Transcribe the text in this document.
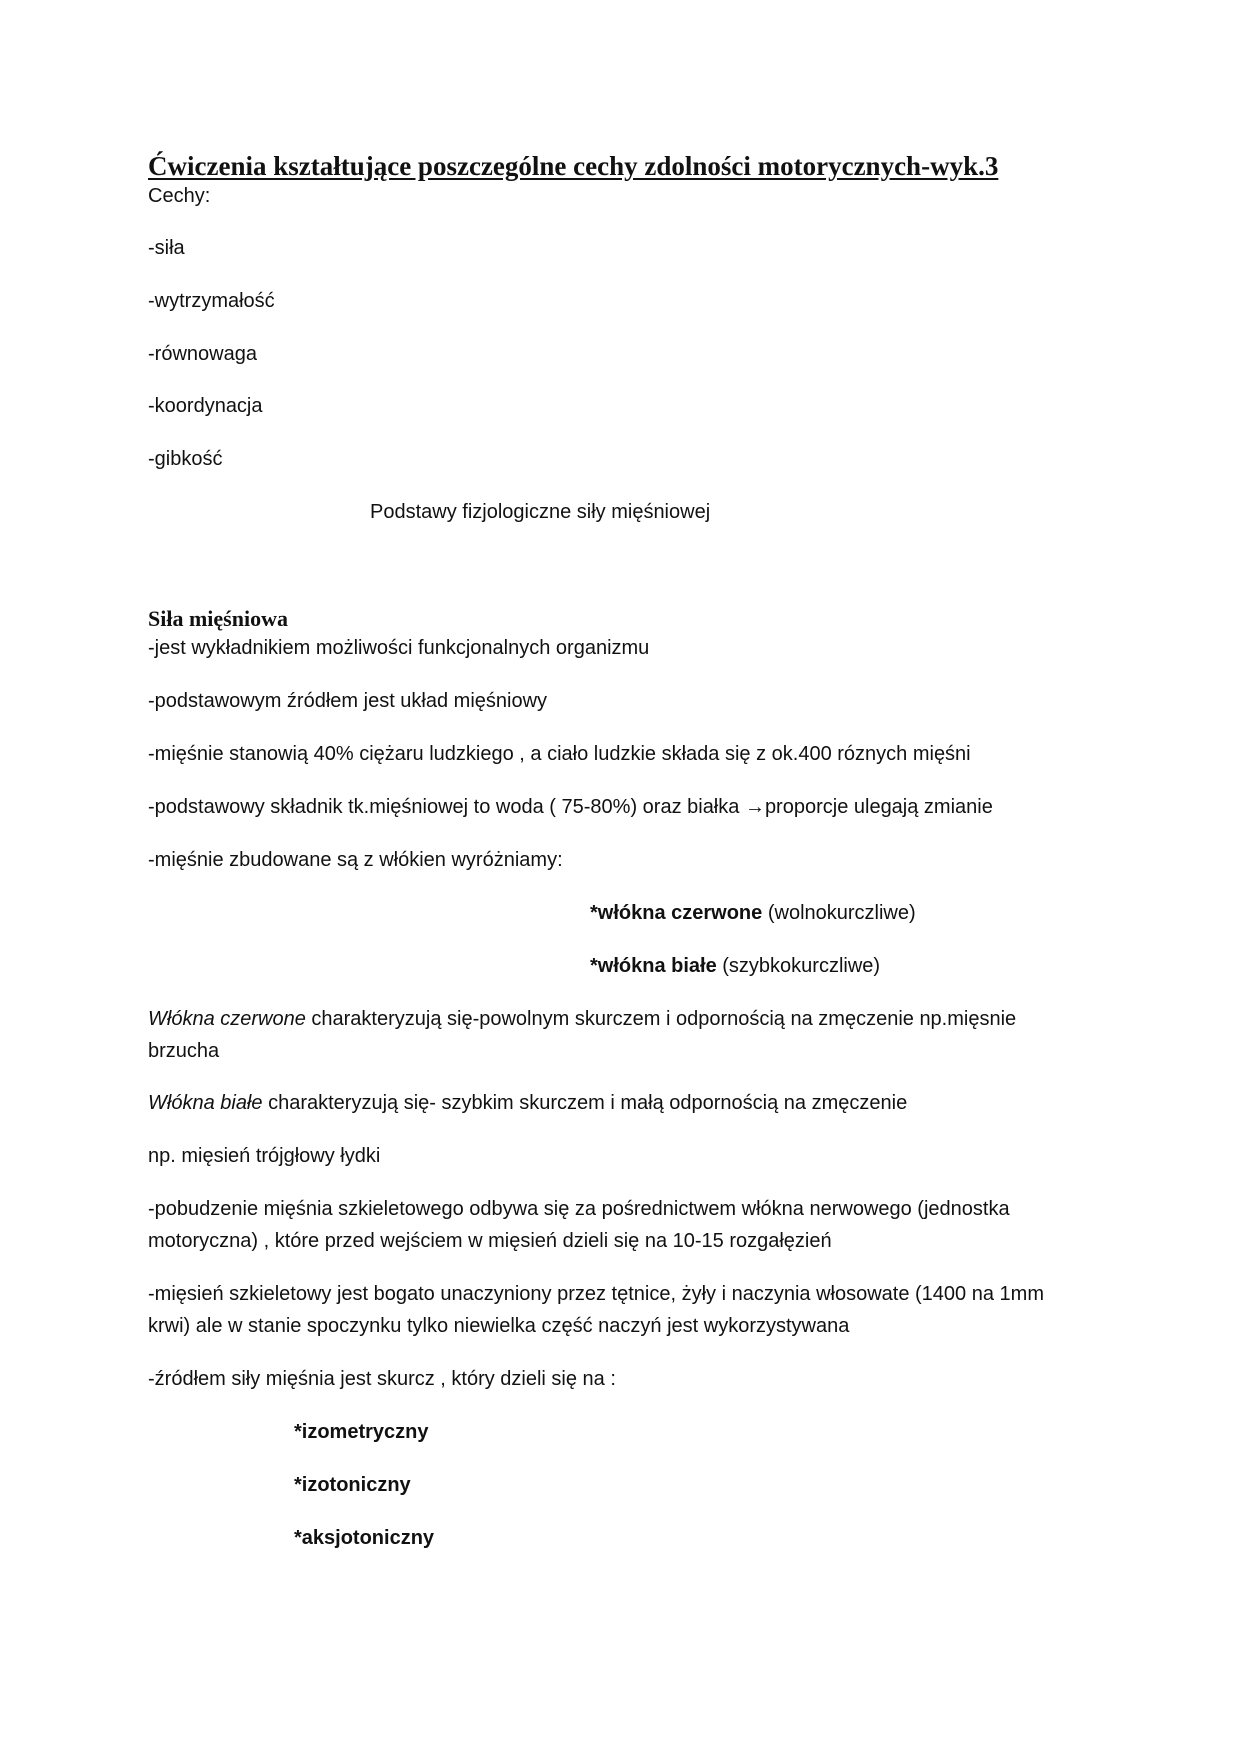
Ćwiczenia kształtujące poszczególne cechy zdolności motorycznych-wyk.3
Cechy:
-siła
-wytrzymałość
-równowaga
-koordynacja
-gibkość
Podstawy fizjologiczne siły mięśniowej
Siła mięśniowa
-jest wykładnikiem możliwości funkcjonalnych organizmu
-podstawowym źródłem jest układ mięśniowy
-mięśnie stanowią 40% ciężaru ludzkiego , a ciało ludzkie składa się z ok.400 róznych mięśni
-podstawowy składnik tk.mięśniowej to woda ( 75-80%) oraz białka →proporcje ulegają zmianie
-mięśnie zbudowane są z włókien wyróżniamy:
*włókna czerwone (wolnokurczliwe)
*włókna białe (szybkokurczliwe)
Włókna czerwone charakteryzują się-powolnym skurczem i odpornością na zmęczenie np.mięsnie
brzucha
Włókna białe charakteryzują się- szybkim skurczem i małą odpornością na zmęczenie
np. mięsień trójgłowy łydki
-pobudzenie mięśnia szkieletowego odbywa się za pośrednictwem włókna nerwowego (jednostka
motoryczna) , które przed wejściem w mięsień dzieli się na 10-15 rozgałęzień
-mięsień szkieletowy jest bogato unaczyniony przez tętnice, żyły i naczynia włosowate (1400 na 1mm
krwi) ale w stanie spoczynku tylko niewielka część naczyń jest wykorzystywana
-źródłem siły mięśnia jest skurcz , który dzieli się na :
*izometryczny
*izotoniczny
*aksjotoniczny
